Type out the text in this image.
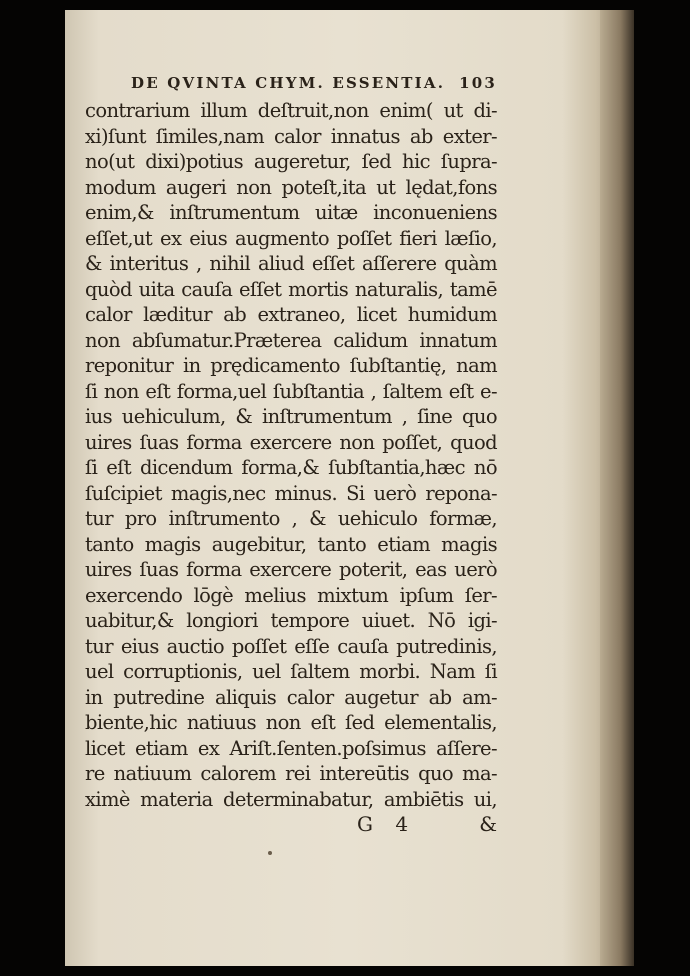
DE QVINTA CHYM. ESSENTIA. 103
contrarium illum deſtruit,non enim( ut di-
xi)ſunt ſimiles,nam calor innatus ab exter-
no(ut dixi)potius augeretur, ſed hic ſupra-
modum augeri non poteſt,ita ut lędat,fons
enim,& inſtrumentum uitæ inconueniens
eſſet,ut ex eius augmento poſſet fieri læſio,
& interitus , nihil aliud eſſet aſſerere quàm
quòd uita cauſa eſſet mortis naturalis, tamē
calor læditur ab extraneo, licet humidum
non abſumatur.Præterea calidum innatum
reponitur in prędicamento ſubſtantię, nam
ſi non eſt forma,uel ſubſtantia , ſaltem eſt e-
ius uehiculum, & inſtrumentum , ſine quo
uires ſuas forma exercere non poſſet, quod
ſi eſt dicendum forma,& ſubſtantia,hæc nō
ſuſcipiet magis,nec minus. Si uerò repona-
tur pro inſtrumento , & uehiculo formæ,
tanto magis augebitur, tanto etiam magis
uires ſuas forma exercere poterit, eas uerò
exercendo lōgè melius mixtum ipſum ſer-
uabitur,& longiori tempore uiuet. Nō igi-
tur eius auctio poſſet eſſe cauſa putredinis,
uel corruptionis, uel ſaltem morbi. Nam ſi
in putredine aliquis calor augetur ab am-
biente,hic natiuus non eſt ſed elementalis,
licet etiam ex Ariſt.ſenten.poſsimus aſſere-
re natiuum calorem rei intereūtis quo ma-
ximè materia determinabatur, ambiētis ui,
G 4	&
